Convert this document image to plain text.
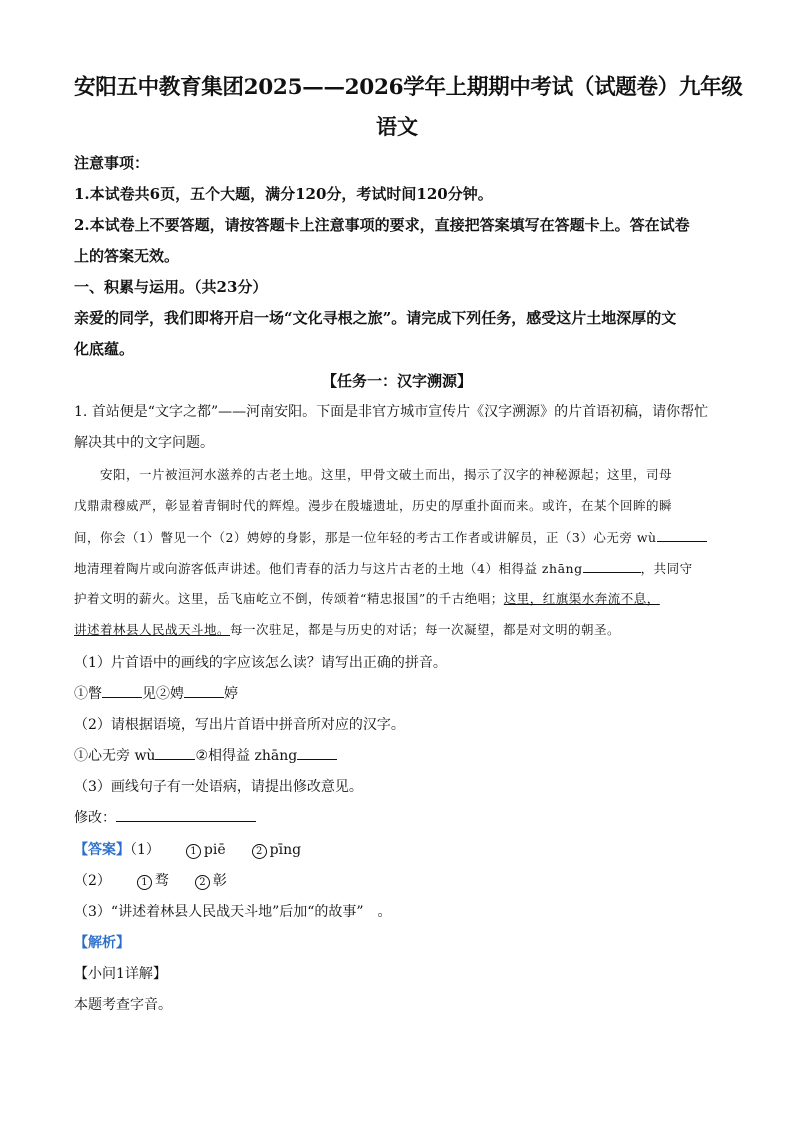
安阳五中教育集团2025——2026学年上期期中考试（试题卷）九年级
语文
注意事项：
1.本试卷共6页，五个大题，满分120分，考试时间120分钟。
2.本试卷上不要答题，请按答题卡上注意事项的要求，直接把答案填写在答题卡上。答在试卷
上的答案无效。
一、积累与运用。（共23分）
亲爱的同学，我们即将开启一场“文化寻根之旅”。请完成下列任务，感受这片土地深厚的文
化底蕴。
【任务一：汉字溯源】
1. 首站便是“文字之都”——河南安阳。下面是非官方城市宣传片《汉字溯源》的片首语初稿，请你帮忙
解决其中的文字问题。
安阳，一片被洹河水滋养的古老土地。这里，甲骨文破土而出，揭示了汉字的神秘源起；这里，司母
戊鼎肃穆威严，彰显着青铜时代的辉煌。漫步在殷墟遗址，历史的厚重扑面而来。或许，在某个回眸的瞬
间，你会（1）瞥见一个（2）娉婷的身影，那是一位年轻的考古工作者或讲解员，正（3）心无旁 wù
地清理着陶片或向游客低声讲述。他们青春的活力与这片古老的土地（4）相得益 zhāng	，共同守
护着文明的薪火。这里，岳飞庙屹立不倒，传颂着“精忠报国”的千古绝唱；这里，红旗渠水奔流不息，
讲述着林县人民战天斗地。每一次驻足，都是与历史的对话；每一次凝望，都是对文明的朝圣。
（1）片首语中的画线的字应该怎么读？请写出正确的拼音。
①瞥	见②娉	婷
（2）请根据语境，写出片首语中拼音所对应的汉字。
①心无旁 wù	②相得益 zhāng
（3）画线句子有一处语病，请提出修改意见。
修改：
【答案】（1）	1 piē	2 pīng
（2）	1 骛	2 彰
（3）“讲述着林县人民战天斗地”后加“的故事”　。
【解析】
【小问1详解】
本题考查字音。
